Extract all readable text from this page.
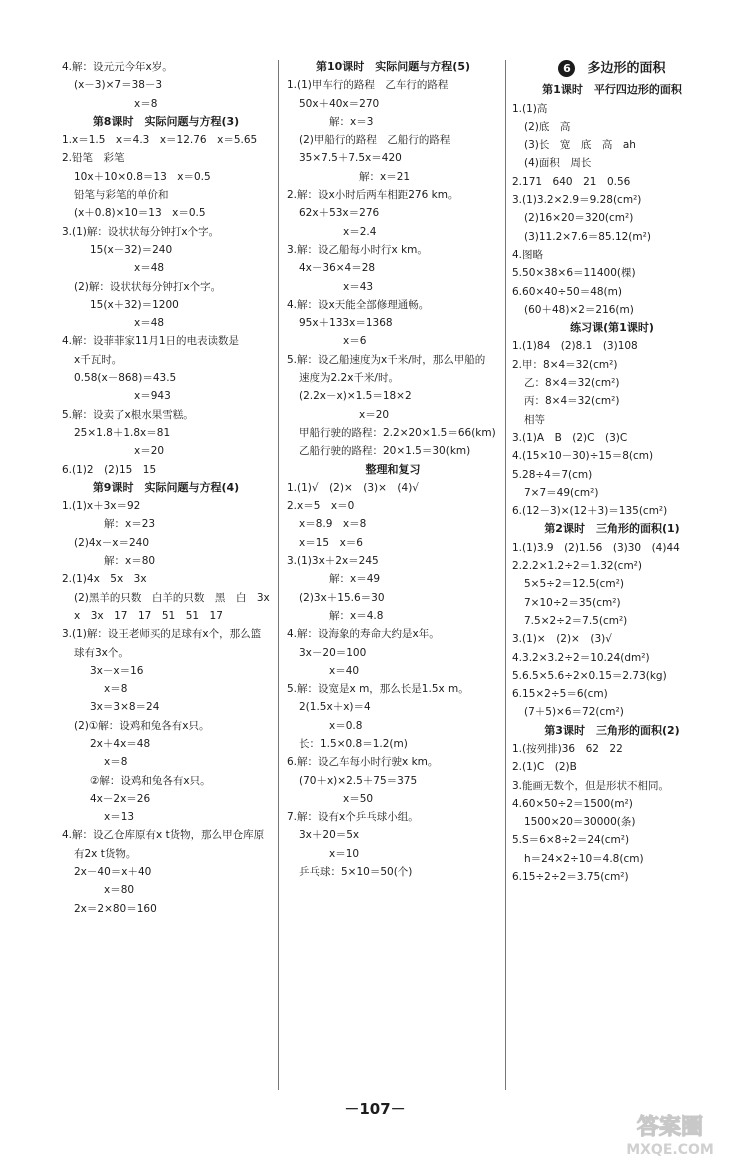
4.解：设元元今年x岁。
(x－3)×7＝38－3
x＝8
第8课时　实际问题与方程(3)
1.x＝1.5　x＝4.3　x＝12.76　x＝5.65
2.铅笔　彩笔
10x＋10×0.8＝13　x＝0.5
铅笔与彩笔的单价和
(x＋0.8)×10＝13　x＝0.5
3.(1)解：设状状每分钟打x个字。
15(x－32)＝240
x＝48
(2)解：设状状每分钟打x个字。
15(x＋32)＝1200
x＝48
4.解：设菲菲家11月1日的电表读数是
x千瓦时。
0.58(x－868)＝43.5
x＝943
5.解：设卖了x根水果雪糕。
25×1.8＋1.8x＝81
x＝20
6.(1)2　(2)15　15
第9课时　实际问题与方程(4)
1.(1)x＋3x＝92
解：x＝23
(2)4x－x＝240
解：x＝80
2.(1)4x　5x　3x
(2)黑羊的只数　白羊的只数　黑　白　3x
x　3x　17　17　51　51　17
3.(1)解：设王老师买的足球有x个，那么篮
球有3x个。
3x－x＝16
x＝8
3x＝3×8＝24
(2)①解：设鸡和兔各有x只。
2x＋4x＝48
x＝8
②解：设鸡和兔各有x只。
4x－2x＝26
x＝13
4.解：设乙仓库原有x t货物，那么甲仓库原
有2x t货物。
2x－40＝x＋40
x＝80
2x＝2×80＝160
第10课时　实际问题与方程(5)
1.(1)甲车行的路程　乙车行的路程
50x＋40x＝270
解：x＝3
(2)甲船行的路程　乙船行的路程
35×7.5＋7.5x＝420
解：x＝21
2.解：设x小时后两车相距276 km。
62x＋53x＝276
x＝2.4
3.解：设乙船每小时行x km。
4x－36×4＝28
x＝43
4.解：设x天能全部修理通畅。
95x＋133x＝1368
x＝6
5.解：设乙船速度为x千米/时，那么甲船的
速度为2.2x千米/时。
(2.2x－x)×1.5＝18×2
x＝20
甲船行驶的路程：2.2×20×1.5＝66(km)
乙船行驶的路程：20×1.5＝30(km)
整理和复习
1.(1)√　(2)×　(3)×　(4)√
2.x＝5　x＝0
x＝8.9　x＝8
x＝15　x＝6
3.(1)3x＋2x＝245
解：x＝49
(2)3x＋15.6＝30
解：x＝4.8
4.解：设海象的寿命大约是x年。
3x－20＝100
x＝40
5.解：设宽是x m，那么长是1.5x m。
2(1.5x＋x)＝4
x＝0.8
长：1.5×0.8＝1.2(m)
6.解：设乙车每小时行驶x km。
(70＋x)×2.5＋75＝375
x＝50
7.解：设有x个乒乓球小组。
3x＋20＝5x
x＝10
乒乓球：5×10＝50(个)
6 多边形的面积
第1课时　平行四边形的面积
1.(1)高
(2)底　高
(3)长　宽　底　高　ah
(4)面积　周长
2.171　640　21　0.56
3.(1)3.2×2.9＝9.28(cm²)
(2)16×20＝320(cm²)
(3)11.2×7.6＝85.12(m²)
4.图略
5.50×38×6＝11400(棵)
6.60×40÷50＝48(m)
(60＋48)×2＝216(m)
练习课(第1课时)
1.(1)84　(2)8.1　(3)108
2.甲：8×4＝32(cm²)
乙：8×4＝32(cm²)
丙：8×4＝32(cm²)
相等
3.(1)A　B　(2)C　(3)C
4.(15×10－30)÷15＝8(cm)
5.28÷4＝7(cm)
7×7＝49(cm²)
6.(12－3)×(12＋3)＝135(cm²)
第2课时　三角形的面积(1)
1.(1)3.9　(2)1.56　(3)30　(4)44
2.2.2×1.2÷2＝1.32(cm²)
5×5÷2＝12.5(cm²)
7×10÷2＝35(cm²)
7.5×2÷2＝7.5(cm²)
3.(1)×　(2)×　(3)√
4.3.2×3.2÷2＝10.24(dm²)
5.6.5×5.6÷2×0.15＝2.73(kg)
6.15×2÷5＝6(cm)
(7＋5)×6＝72(cm²)
第3课时　三角形的面积(2)
1.(按列排)36　62　22
2.(1)C　(2)B
3.能画无数个，但是形状不相同。
4.60×50÷2＝1500(m²)
1500×20＝30000(条)
5.S＝6×8÷2＝24(cm²)
h＝24×2÷10＝4.8(cm)
6.15÷2÷2＝3.75(cm²)
－107－
答案圈
MXQE.COM
